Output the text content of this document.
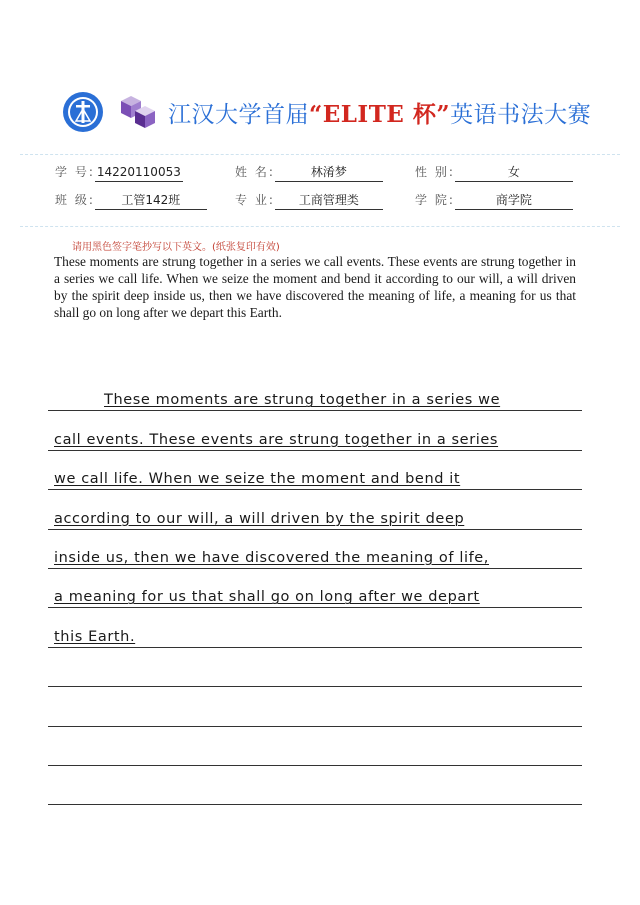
江汉大学首届“ELITE 杯”英语书法大赛
学 号: 14220110053	姓 名:	林淆梦	性 别:	女
班 级:	工管142班	专 业:	工商管理类	学 院:	商学院
请用黑色签字笔抄写以下英文。(纸张复印有效)
These moments are strung together in a series we call events. These events are strung together in a series we call life. When we seize the moment and bend it according to our will, a will driven by the spirit deep inside us, then we have discovered the meaning of life, a meaning for us that shall go on long after we depart this Earth.
These moments are strung together in a series we
call events. These events are strung together in a series
we call life. When we seize the moment and bend it
according to our will, a will driven by the spirit deep
inside us, then we have discovered the meaning of life,
a meaning for us that shall go on long after we depart
this Earth.
